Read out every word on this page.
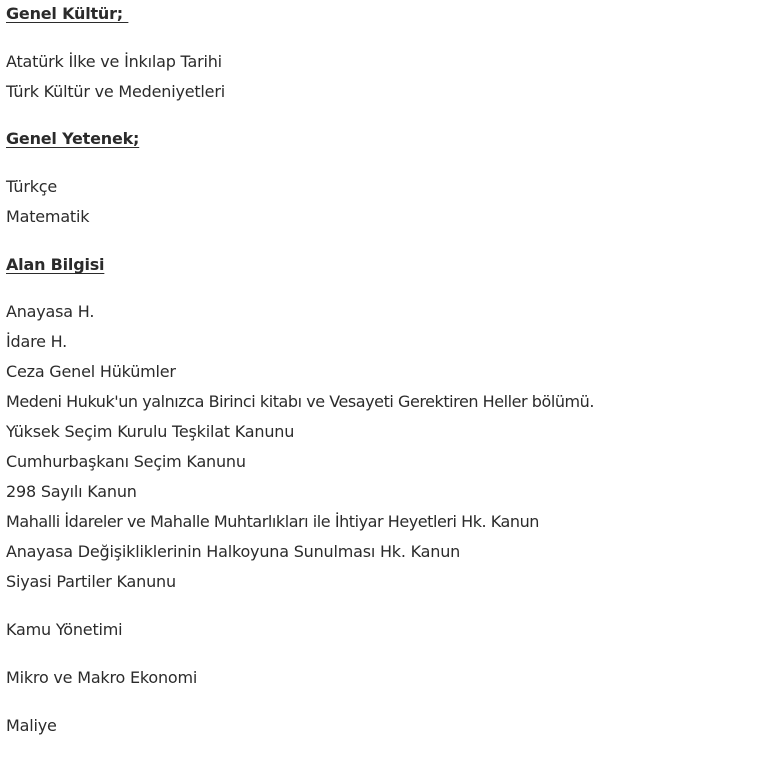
Genel Kültür;
Atatürk İlke ve İnkılap Tarihi
Türk Kültür ve Medeniyetleri
Genel Yetenek;
Türkçe
Matematik
Alan Bilgisi
Anayasa H.
İdare H.
Ceza Genel Hükümler
Medeni Hukuk'un yalnızca Birinci kitabı ve Vesayeti Gerektiren Heller bölümü.
Yüksek Seçim Kurulu Teşkilat Kanunu
Cumhurbaşkanı Seçim Kanunu
298 Sayılı Kanun
Mahalli İdareler ve Mahalle Muhtarlıkları ile İhtiyar Heyetleri Hk. Kanun
Anayasa Değişikliklerinin Halkoyuna Sunulması Hk. Kanun
Siyasi Partiler Kanunu
Kamu Yönetimi
Mikro ve Makro Ekonomi
Maliye
